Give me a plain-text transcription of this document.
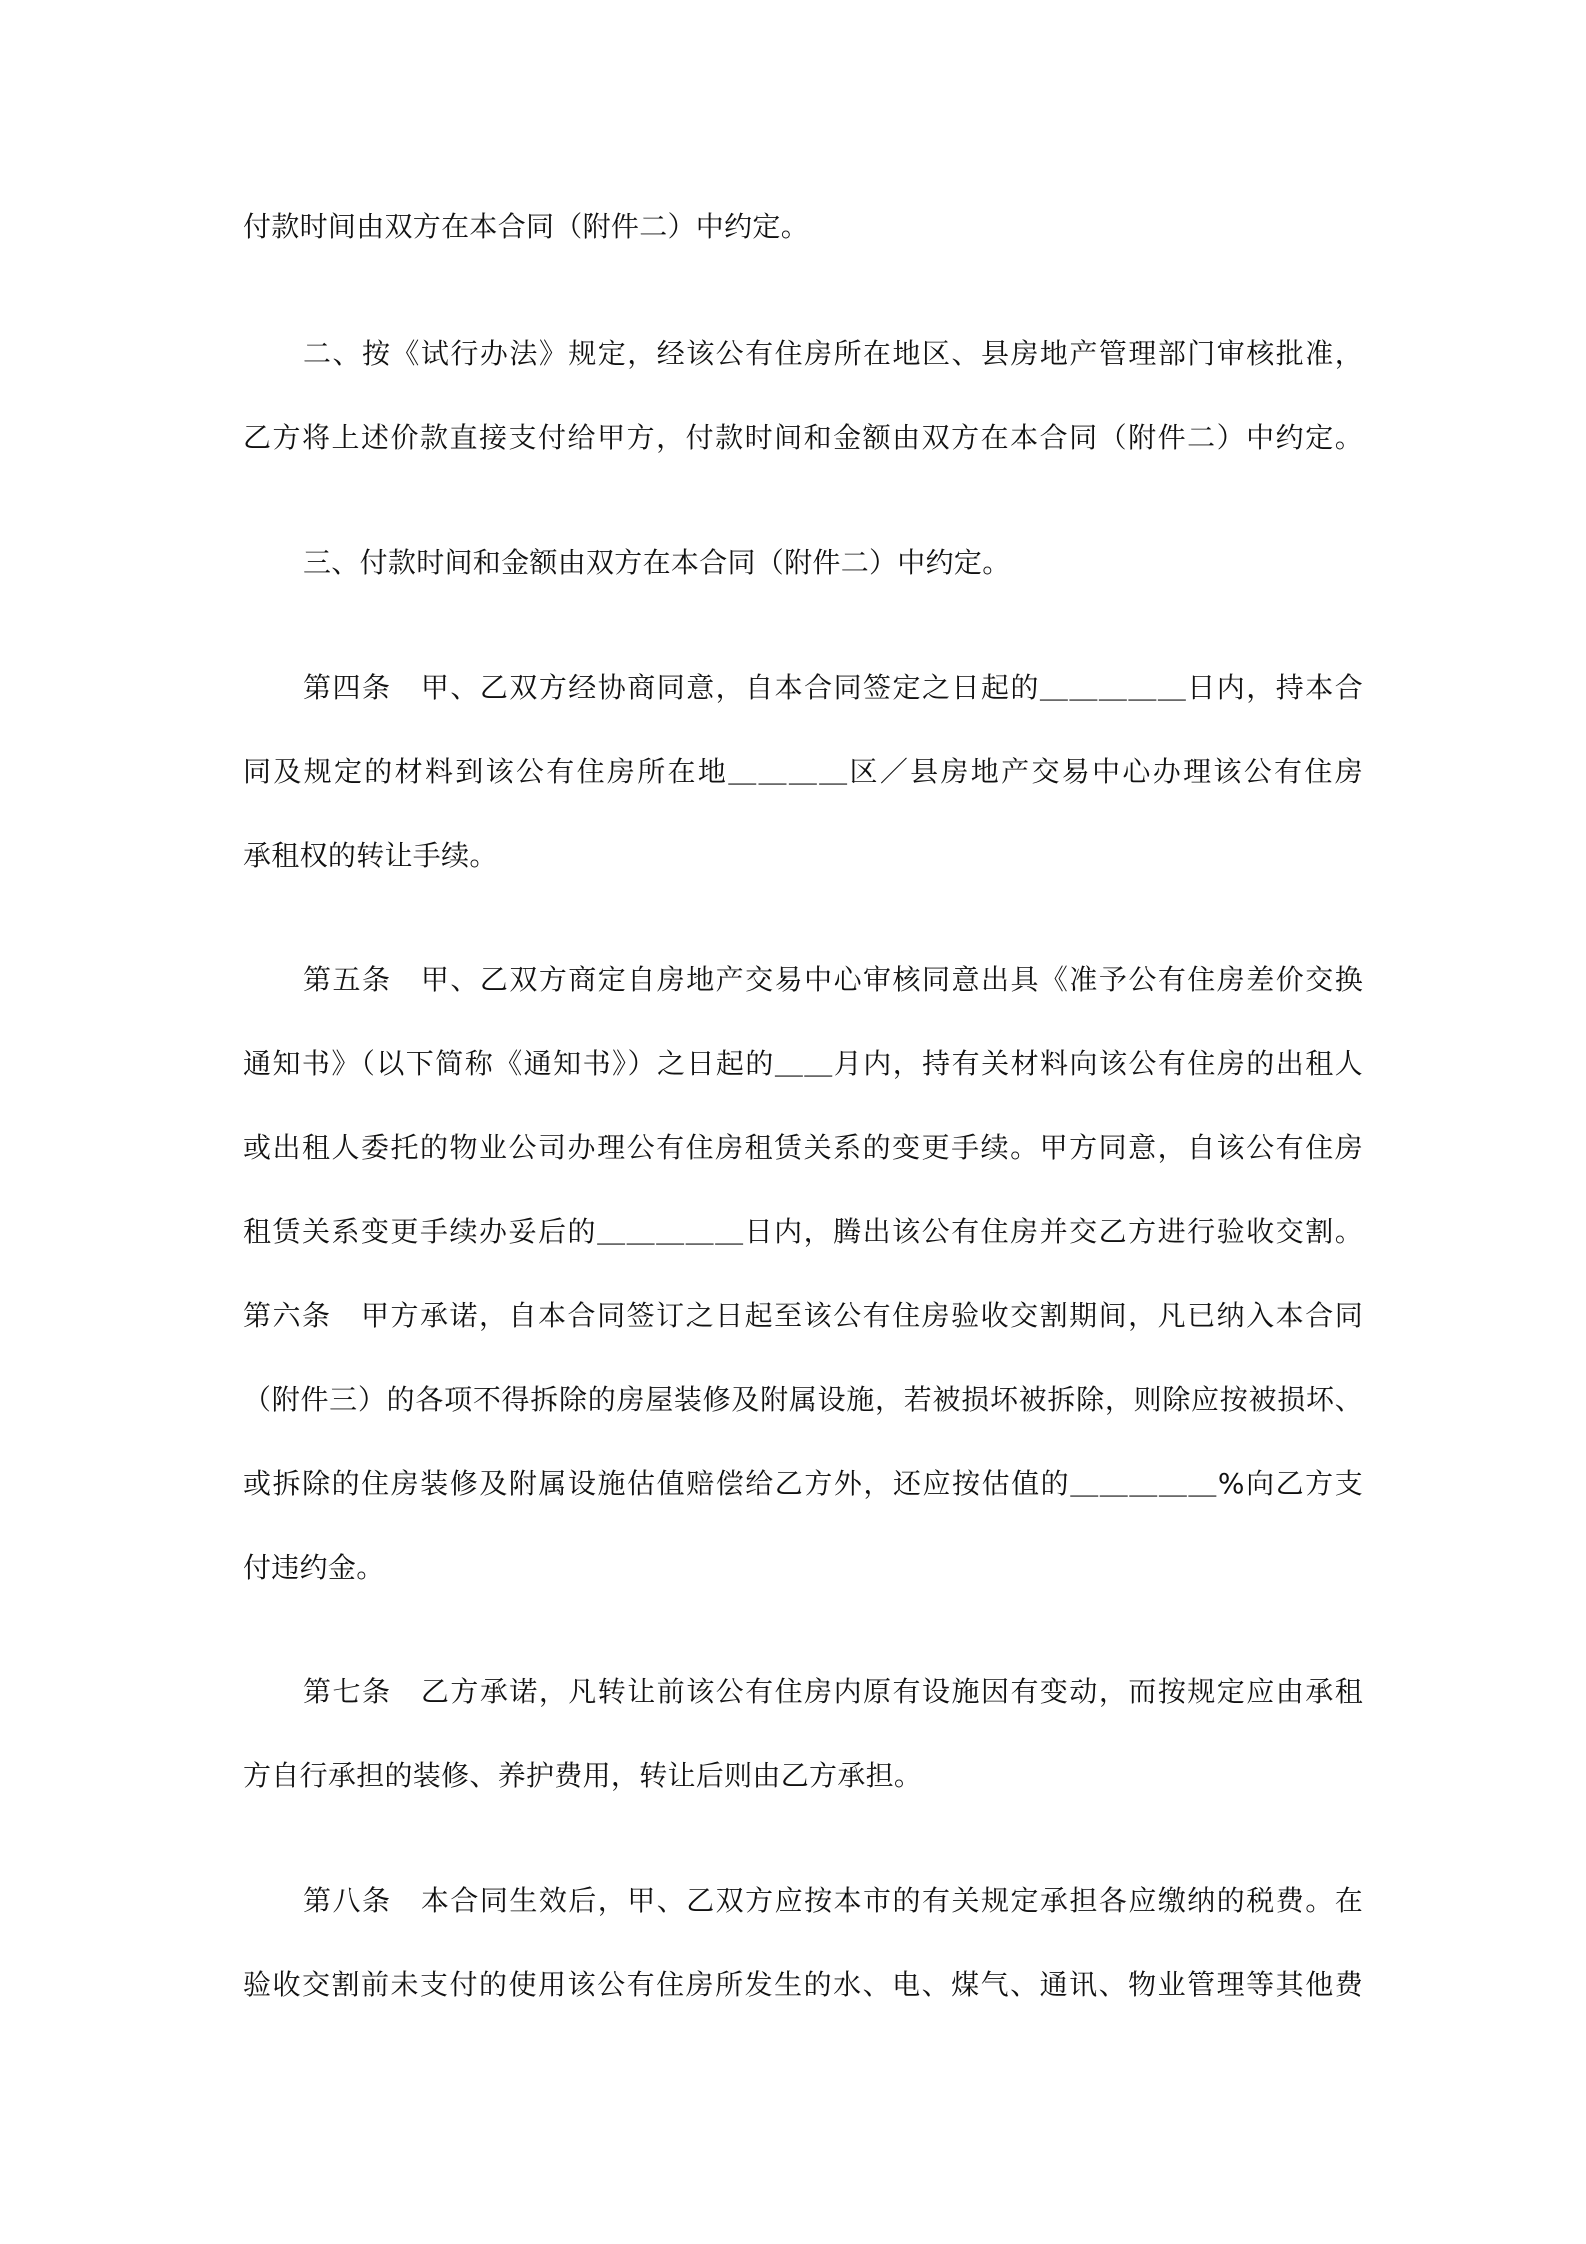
付款时间由双方在本合同（附件二）中约定。
二、按《试行办法》规定，经该公有住房所在地区、县房地产管理部门审核批准，
乙方将上述价款直接支付给甲方，付款时间和金额由双方在本合同（附件二）中约定。
三、付款时间和金额由双方在本合同（附件二）中约定。
第四条　甲、乙双方经协商同意，自本合同签定之日起的＿＿＿＿＿日内，持本合
同及规定的材料到该公有住房所在地＿＿＿＿区／县房地产交易中心办理该公有住房
承租权的转让手续。
第五条　甲、乙双方商定自房地产交易中心审核同意出具《准予公有住房差价交换
通知书》（以下简称《通知书》）之日起的＿＿月内，持有关材料向该公有住房的出租人
或出租人委托的物业公司办理公有住房租赁关系的变更手续。甲方同意，自该公有住房
租赁关系变更手续办妥后的＿＿＿＿＿日内，腾出该公有住房并交乙方进行验收交割。
第六条　甲方承诺，自本合同签订之日起至该公有住房验收交割期间，凡已纳入本合同
（附件三）的各项不得拆除的房屋装修及附属设施，若被损坏被拆除，则除应按被损坏、
或拆除的住房装修及附属设施估值赔偿给乙方外，还应按估值的＿＿＿＿＿%向乙方支
付违约金。
第七条　乙方承诺，凡转让前该公有住房内原有设施因有变动，而按规定应由承租
方自行承担的装修、养护费用，转让后则由乙方承担。
第八条　本合同生效后，甲、乙双方应按本市的有关规定承担各应缴纳的税费。在
验收交割前未支付的使用该公有住房所发生的水、电、煤气、通讯、物业管理等其他费
